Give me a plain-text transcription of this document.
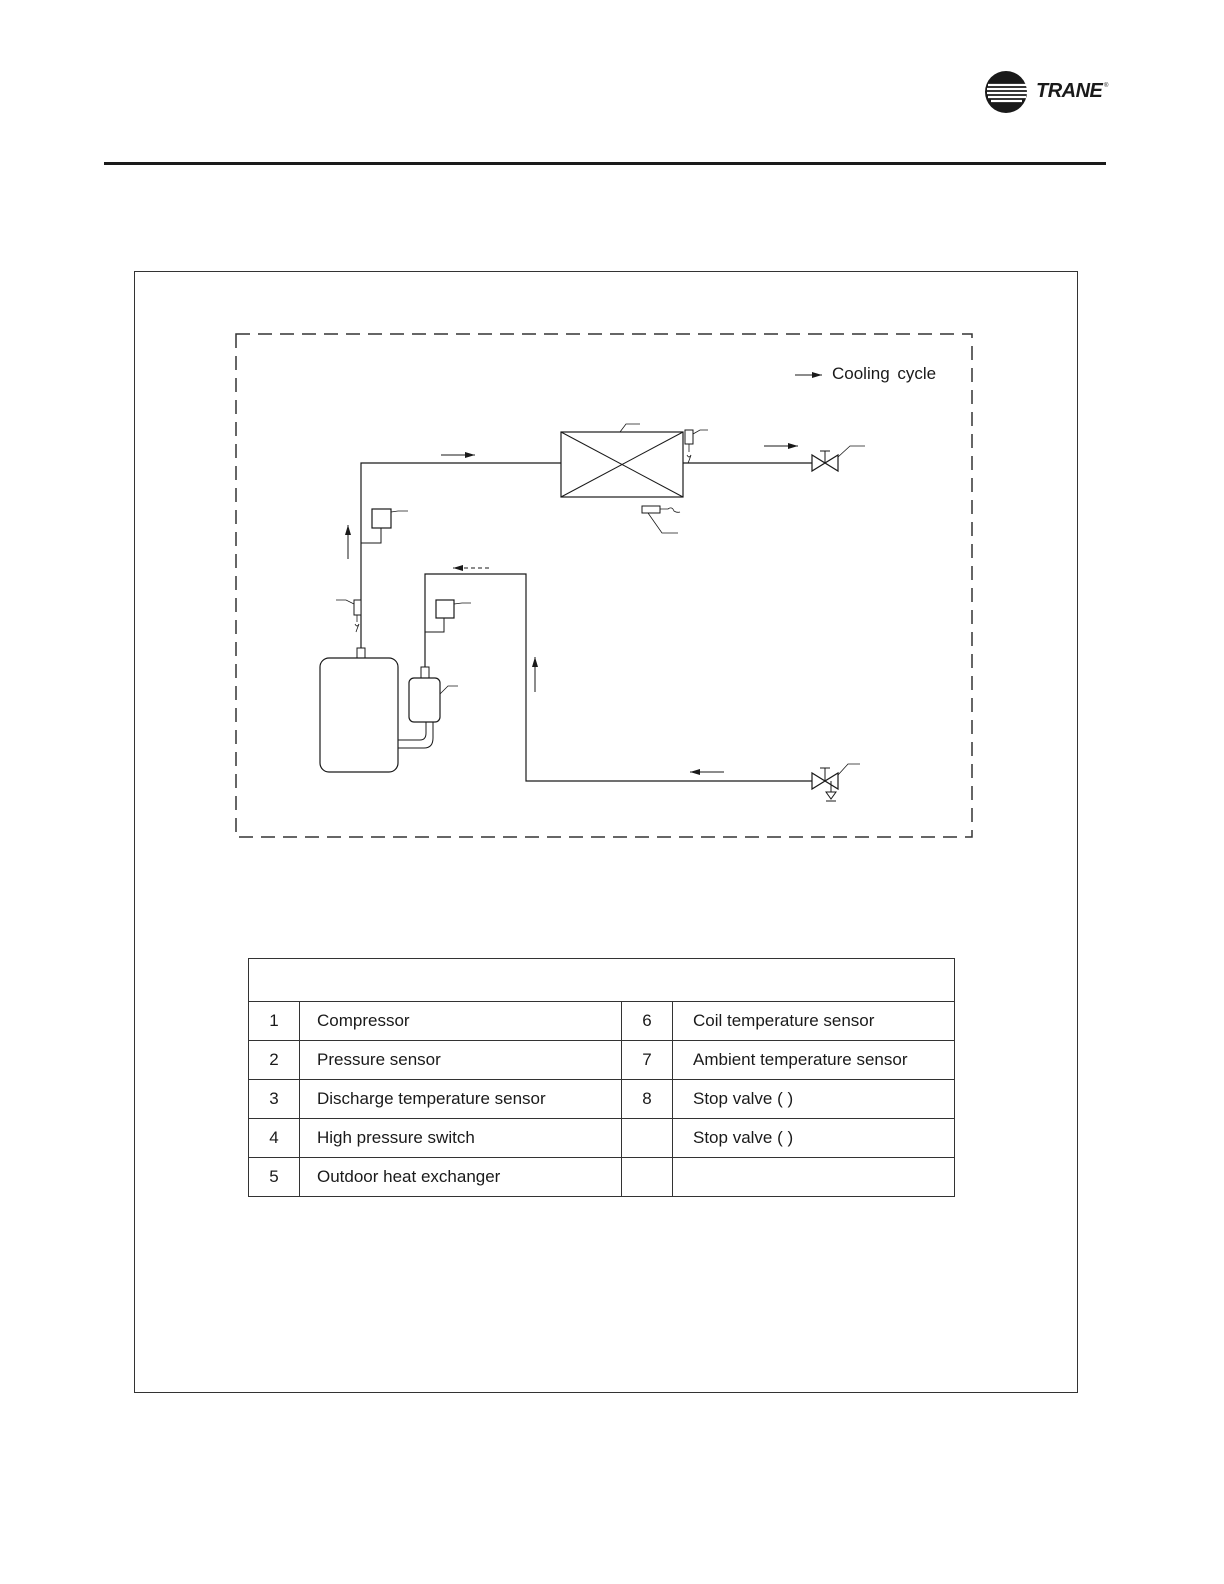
TRANE ®
Cooling cycle

1	Compressor	6	Coil temperature sensor
2	Pressure sensor	7	Ambient temperature sensor
3	Discharge temperature sensor	8	Stop valve ( )
4	High pressure switch		Stop valve ( )
5	Outdoor heat exchanger		
